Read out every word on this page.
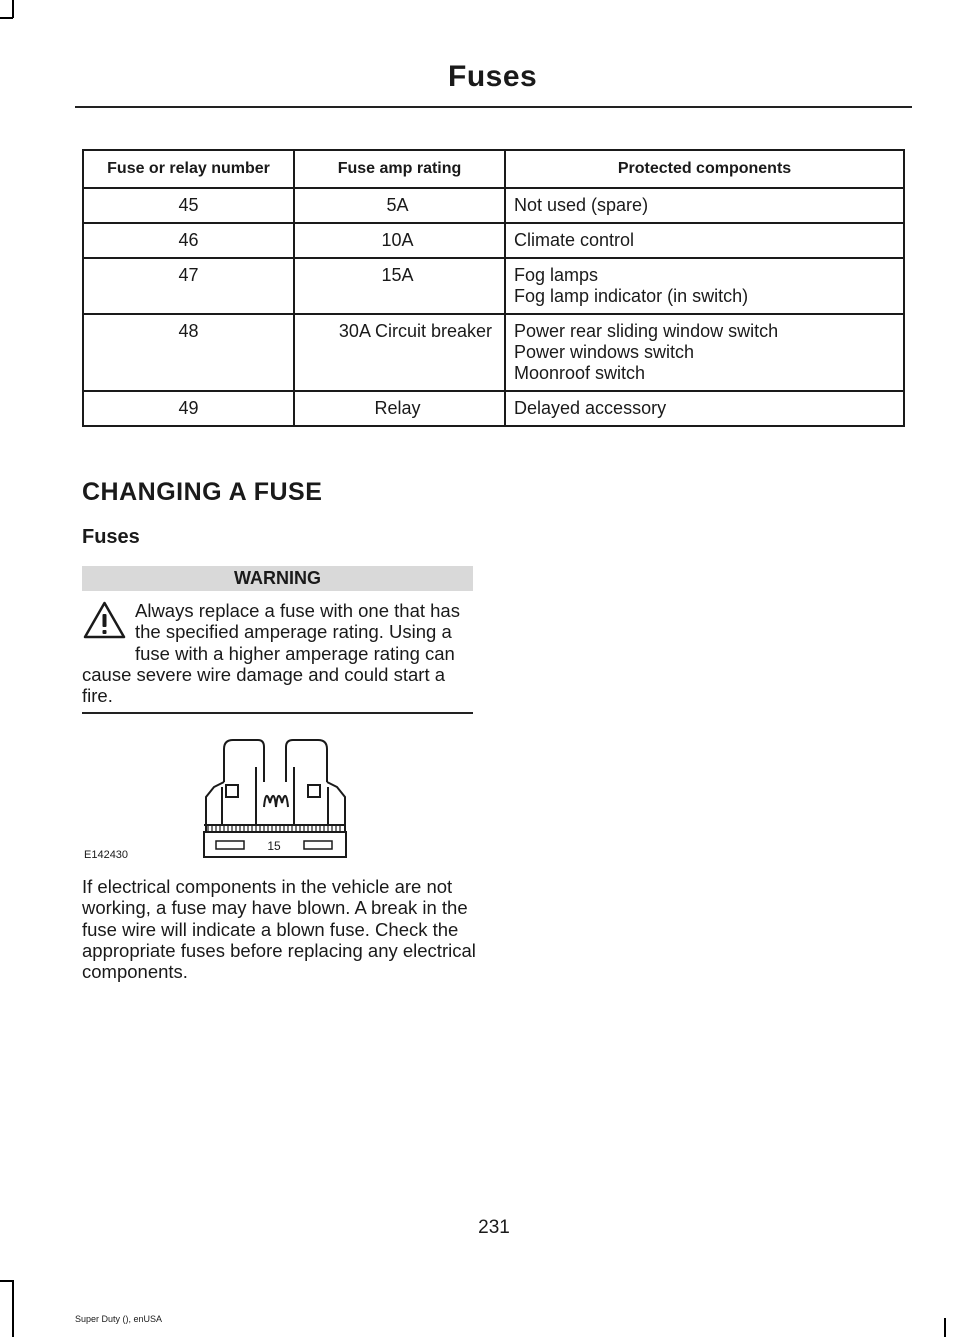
Fuses
Fuse or relay number	Fuse amp rating	Protected components
45	5A	Not used (spare)

46	10A	Climate control

47	15A	Fog lamps
Fog lamp indicator (in switch)

48	30A Circuit breaker	Power rear sliding window switch
Power windows switch
Moonroof switch

49	Relay	Delayed accessory
CHANGING A FUSE
Fuses
WARNING
Always replace a fuse with one that has the specified amperage rating. Using a fuse with a higher amperage rating can cause severe wire damage and could start a fire.
15
E142430
If electrical components in the vehicle are not working, a fuse may have blown. A break in the fuse wire will indicate a blown fuse. Check the appropriate fuses before replacing any electrical components.
231
Super Duty (), enUSA
